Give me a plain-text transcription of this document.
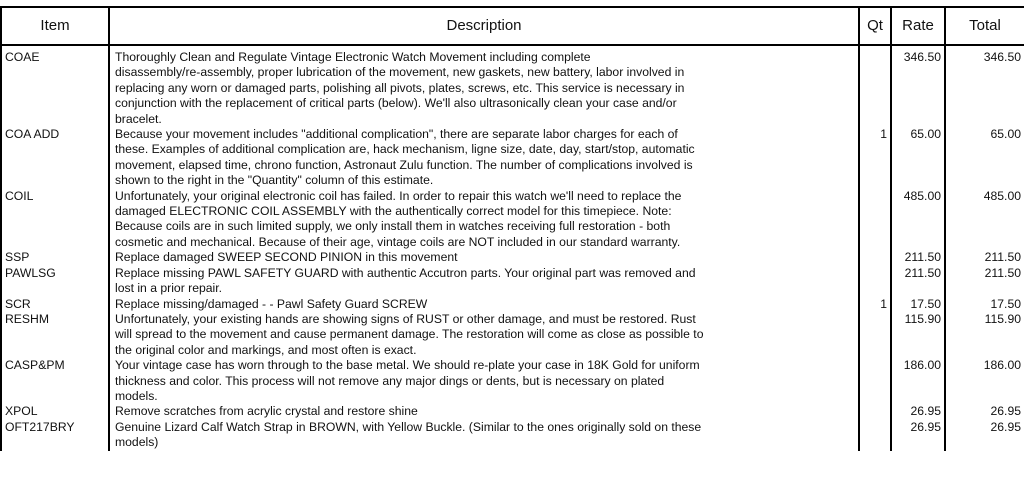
Item	Description	Qt	Rate	Total
COAE	Thoroughly Clean and Regulate Vintage Electronic Watch Movement including complete
disassembly/re-assembly, proper lubrication of the movement, new gaskets, new battery, labor involved in
replacing any worn or damaged parts, polishing all pivots, plates, screws, etc. This service is necessary in
conjunction with the replacement of critical parts (below). We'll also ultrasonically clean your case and/or
bracelet.		346.50	346.50
COA ADD	Because your movement includes "additional complication", there are separate labor charges for each of
these. Examples of additional complication are, hack mechanism, ligne size, date, day, start/stop, automatic
movement, elapsed time, chrono function, Astronaut Zulu function. The number of complications involved is
shown to the right in the "Quantity" column of this estimate.	1	65.00	65.00
COIL	Unfortunately, your original electronic coil has failed. In order to repair this watch we'll need to replace the
damaged ELECTRONIC COIL ASSEMBLY with the authentically correct model for this timepiece. Note:
Because coils are in such limited supply, we only install them in watches receiving full restoration - both
cosmetic and mechanical. Because of their age, vintage coils are NOT included in our standard warranty.		485.00	485.00
SSP	Replace damaged SWEEP SECOND PINION in this movement		211.50	211.50
PAWLSG	Replace missing PAWL SAFETY GUARD with authentic Accutron parts. Your original part was removed and
lost in a prior repair.		211.50	211.50
SCR	Replace missing/damaged - - Pawl Safety Guard SCREW	1	17.50	17.50
RESHM	Unfortunately, your existing hands are showing signs of RUST or other damage, and must be restored. Rust
will spread to the movement and cause permanent damage. The restoration will come as close as possible to
the original color and markings, and most often is exact.		115.90	115.90
CASP&PM	Your vintage case has worn through to the base metal. We should re-plate your case in 18K Gold for uniform
thickness and color. This process will not remove any major dings or dents, but is necessary on plated
models.		186.00	186.00
XPOL	Remove scratches from acrylic crystal and restore shine		26.95	26.95
OFT217BRY	Genuine Lizard Calf Watch Strap in BROWN, with Yellow Buckle. (Similar to the ones originally sold on these
models)		26.95	26.95
